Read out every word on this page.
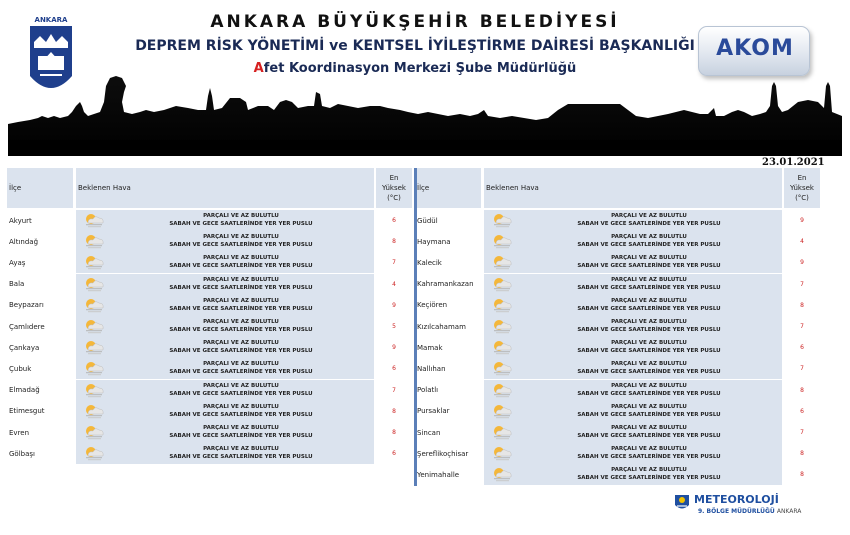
ANKARA	ANKARA BÜYÜKŞEHİR BELEDİYESİ
DEPREM RİSK YÖNETİMİ ve KENTSEL İYİLEŞTİRME DAİRESİ BAŞKANLIĞI
Afet Koordinasyon Merkezi Şube Müdürlüğü
AKOM
23.01.2021
İlçe	Beklenen Hava
En
Yüksek
(°C)
Akyurt
PARÇALI VE AZ BULUTLU
SABAH VE GECE SAATLERİNDE YER YER PUSLU	6
Altındağ
PARÇALI VE AZ BULUTLU
SABAH VE GECE SAATLERİNDE YER YER PUSLU	8
Ayaş
PARÇALI VE AZ BULUTLU
SABAH VE GECE SAATLERİNDE YER YER PUSLU	7
Bala
PARÇALI VE AZ BULUTLU
SABAH VE GECE SAATLERİNDE YER YER PUSLU	4
Beypazarı
PARÇALI VE AZ BULUTLU
SABAH VE GECE SAATLERİNDE YER YER PUSLU	9
Çamlıdere
PARÇALI VE AZ BULUTLU
SABAH VE GECE SAATLERİNDE YER YER PUSLU	5
Çankaya
PARÇALI VE AZ BULUTLU
SABAH VE GECE SAATLERİNDE YER YER PUSLU	9
Çubuk
PARÇALI VE AZ BULUTLU
SABAH VE GECE SAATLERİNDE YER YER PUSLU	6
Elmadağ
PARÇALI VE AZ BULUTLU
SABAH VE GECE SAATLERİNDE YER YER PUSLU	7
Etimesgut
PARÇALI VE AZ BULUTLU
SABAH VE GECE SAATLERİNDE YER YER PUSLU	8
Evren
PARÇALI VE AZ BULUTLU
SABAH VE GECE SAATLERİNDE YER YER PUSLU	8
Gölbaşı
PARÇALI VE AZ BULUTLU
SABAH VE GECE SAATLERİNDE YER YER PUSLU	6
İlçe	Beklenen Hava
En
Yüksek
(°C)
Güdül
PARÇALI VE AZ BULUTLU
SABAH VE GECE SAATLERİNDE YER YER PUSLU	9
Haymana
PARÇALI VE AZ BULUTLU
SABAH VE GECE SAATLERİNDE YER YER PUSLU	4
Kalecik
PARÇALI VE AZ BULUTLU
SABAH VE GECE SAATLERİNDE YER YER PUSLU	9
Kahramankazan
PARÇALI VE AZ BULUTLU
SABAH VE GECE SAATLERİNDE YER YER PUSLU	7
Keçiören
PARÇALI VE AZ BULUTLU
SABAH VE GECE SAATLERİNDE YER YER PUSLU	8
Kızılcahamam
PARÇALI VE AZ BULUTLU
SABAH VE GECE SAATLERİNDE YER YER PUSLU	7
Mamak
PARÇALI VE AZ BULUTLU
SABAH VE GECE SAATLERİNDE YER YER PUSLU	6
Nallıhan
PARÇALI VE AZ BULUTLU
SABAH VE GECE SAATLERİNDE YER YER PUSLU	7
Polatlı
PARÇALI VE AZ BULUTLU
SABAH VE GECE SAATLERİNDE YER YER PUSLU	8
Pursaklar
PARÇALI VE AZ BULUTLU
SABAH VE GECE SAATLERİNDE YER YER PUSLU	6
Sincan
PARÇALI VE AZ BULUTLU
SABAH VE GECE SAATLERİNDE YER YER PUSLU	7
Şereflikoçhisar
PARÇALI VE AZ BULUTLU
SABAH VE GECE SAATLERİNDE YER YER PUSLU	8
Yenimahalle
PARÇALI VE AZ BULUTLU
SABAH VE GECE SAATLERİNDE YER YER PUSLU	8
METEOROLOJİ
9. BÖLGE MÜDÜRLÜĞÜ ANKARA
